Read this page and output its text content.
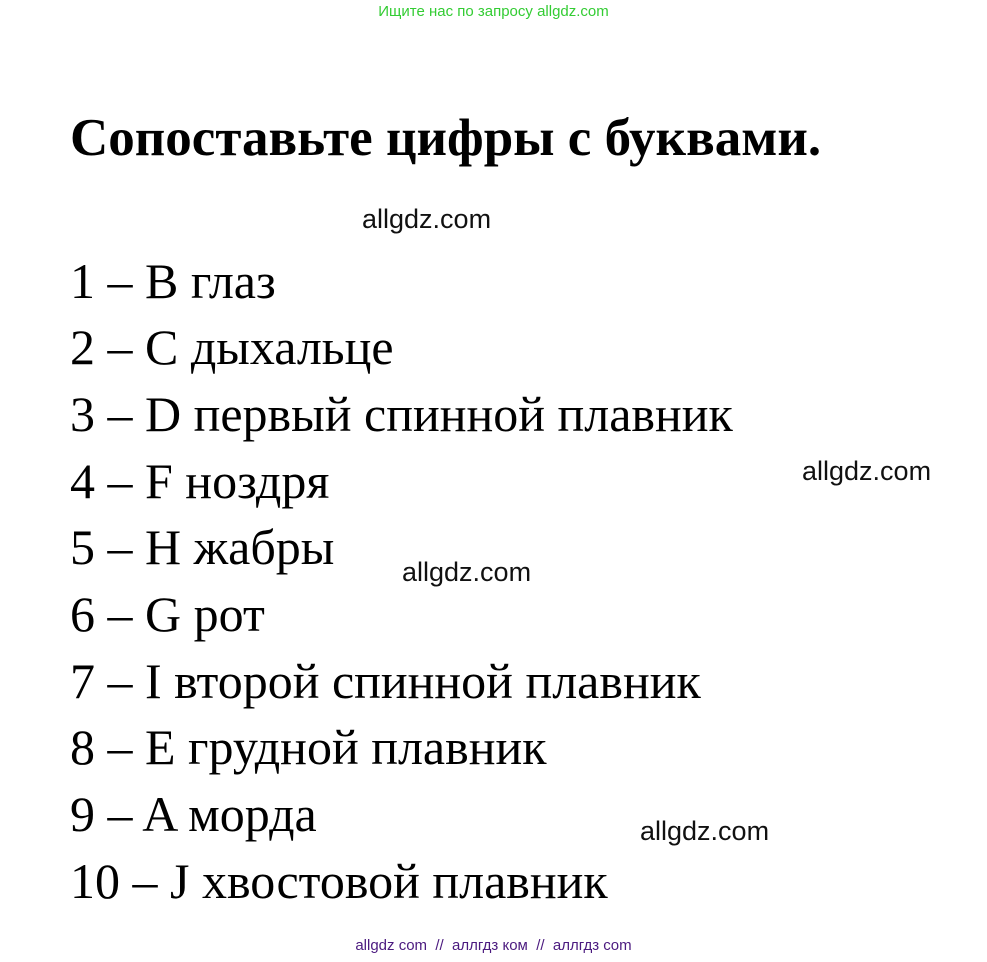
Ищите нас по запросу allgdz.com
Сопоставьте цифры с буквами.
allgdz.com
allgdz.com
allgdz.com
allgdz.com
1 – B глаз
2 – C дыхальце
3 – D первый спинной плавник
4 – F ноздря
5 – H жабры
6 – G рот
7 – I второй спинной плавник
8 – E грудной плавник
9 – A морда
10 – J хвостовой плавник
allgdz com  //  аллгдз ком  //  аллгдз com
